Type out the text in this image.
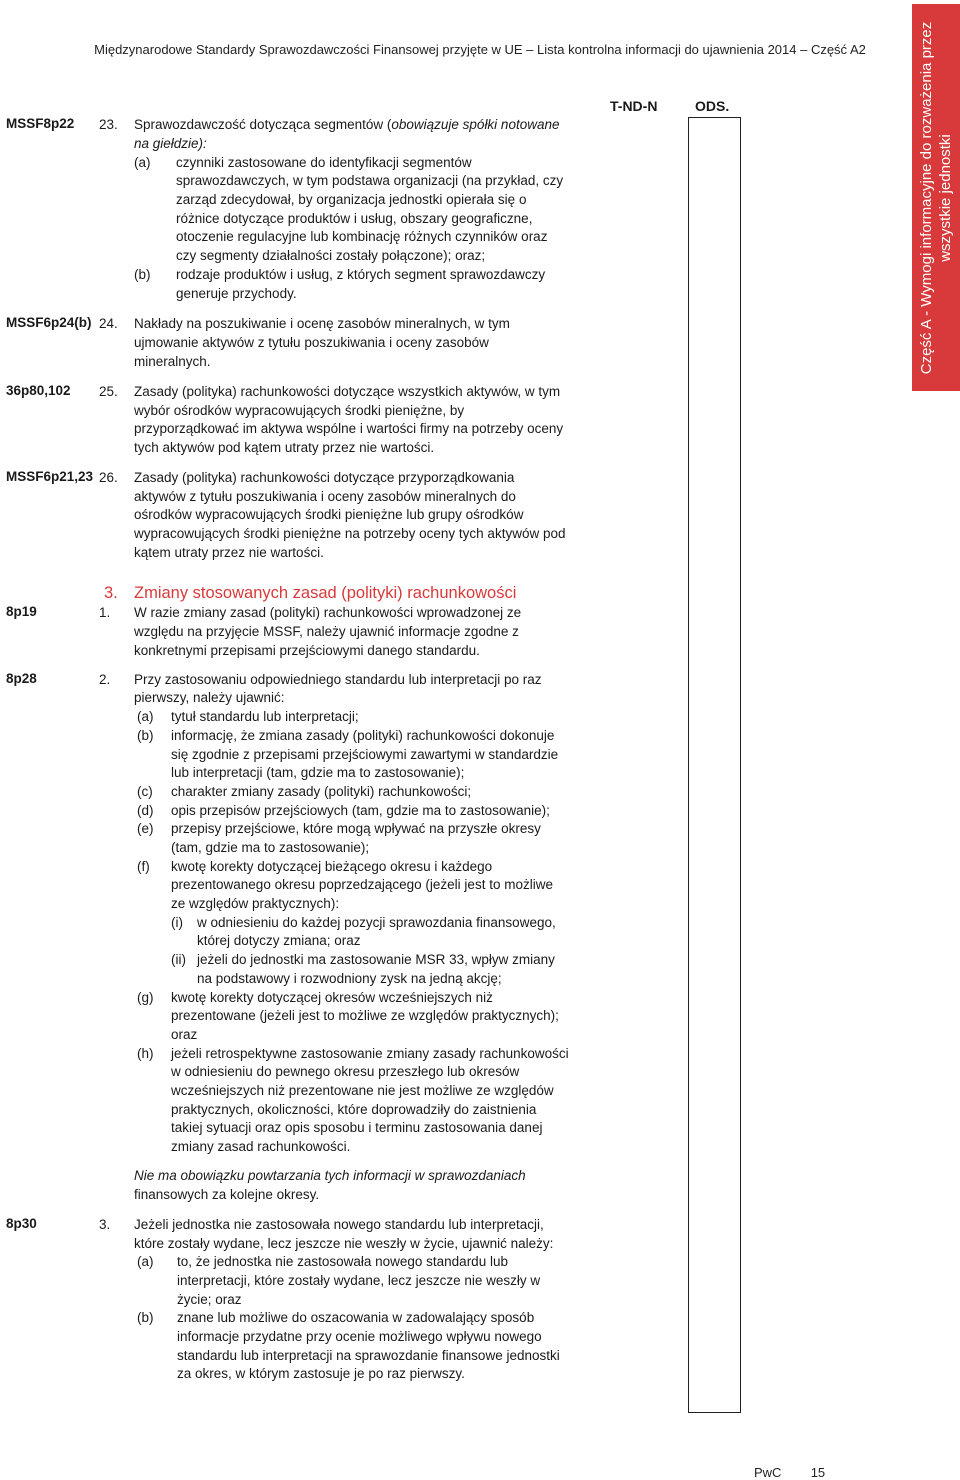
Międzynarodowe Standardy Sprawozdawczości Finansowej przyjęte w UE – Lista kontrolna informacji do ujawnienia 2014 – Część A2	Część A - Wymogi informacyjne do rozważenia przez wszystkie jednostki
T-ND-N	ODS.
MSSF8p22 23. Sprawozdawczość dotycząca segmentów (obowiązuje spółki notowane
na giełdzie):
(a) czynniki zastosowane do identyfikacji segmentów
sprawozdawczych, w tym podstawa organizacji (na przykład, czy
zarząd zdecydował, by organizacja jednostki opierała się o
różnice dotyczące produktów i usług, obszary geograficzne,
otoczenie regulacyjne lub kombinację różnych czynników oraz
czy segmenty działalności zostały połączone); oraz;
(b) rodzaje produktów i usług, z których segment sprawozdawczy
generuje przychody.
MSSF6p24(b) 24. Nakłady na poszukiwanie i ocenę zasobów mineralnych, w tym
ujmowanie aktywów z tytułu poszukiwania i oceny zasobów
mineralnych.
36p80,102 25. Zasady (polityka) rachunkowości dotyczące wszystkich aktywów, w tym
wybór ośrodków wypracowujących środki pieniężne, by
przyporządkować im aktywa wspólne i wartości firmy na potrzeby oceny
tych aktywów pod kątem utraty przez nie wartości.
MSSF6p21,23 26. Zasady (polityka) rachunkowości dotyczące przyporządkowania
aktywów z tytułu poszukiwania i oceny zasobów mineralnych do
ośrodków wypracowujących środki pieniężne lub grupy ośrodków
wypracowujących środki pieniężne na potrzeby oceny tych aktywów pod
kątem utraty przez nie wartości.
8p19	1. W razie zmiany zasad (polityki) rachunkowości wprowadzonej ze
względu na przyjęcie MSSF, należy ujawnić informacje zgodne z
konkretnymi przepisami przejściowymi danego standardu.
8p28	2. Przy zastosowaniu odpowiedniego standardu lub interpretacji po raz
pierwszy, należy ujawnić:
(a) tytuł standardu lub interpretacji;
(b) informację, że zmiana zasady (polityki) rachunkowości dokonuje
się zgodnie z przepisami przejściowymi zawartymi w standardzie
lub interpretacji (tam, gdzie ma to zastosowanie);
(c) charakter zmiany zasady (polityki) rachunkowości;
(d) opis przepisów przejściowych (tam, gdzie ma to zastosowanie);
(e) przepisy przejściowe, które mogą wpływać na przyszłe okresy
(tam, gdzie ma to zastosowanie);
(f) kwotę korekty dotyczącej bieżącego okresu i każdego
prezentowanego okresu poprzedzającego (jeżeli jest to możliwe
ze względów praktycznych):
(i) w odniesieniu do każdej pozycji sprawozdania finansowego,
której dotyczy zmiana; oraz
(ii) jeżeli do jednostki ma zastosowanie MSR 33, wpływ zmiany
na podstawowy i rozwodniony zysk na jedną akcję;
(g) kwotę korekty dotyczącej okresów wcześniejszych niż
prezentowane (jeżeli jest to możliwe ze względów praktycznych);
oraz
(h) jeżeli retrospektywne zastosowanie zmiany zasady rachunkowości
w odniesieniu do pewnego okresu przeszłego lub okresów
wcześniejszych niż prezentowane nie jest możliwe ze względów
praktycznych, okoliczności, które doprowadziły do zaistnienia
takiej sytuacji oraz opis sposobu i terminu zastosowania danej
zmiany zasad rachunkowości.
Nie ma obowiązku powtarzania tych informacji w sprawozdaniach
finansowych za kolejne okresy.
8p30	3. Jeżeli jednostka nie zastosowała nowego standardu lub interpretacji,
które zostały wydane, lecz jeszcze nie weszły w życie, ujawnić należy:
(a) to, że jednostka nie zastosowała nowego standardu lub
interpretacji, które zostały wydane, lecz jeszcze nie weszły w
życie; oraz
(b) znane lub możliwe do oszacowania w zadowalający sposób
informacje przydatne przy ocenie możliwego wpływu nowego
standardu lub interpretacji na sprawozdanie finansowe jednostki
za okres, w którym zastosuje je po raz pierwszy.
3. Zmiany stosowanych zasad (polityki) rachunkowości
PwC 15
